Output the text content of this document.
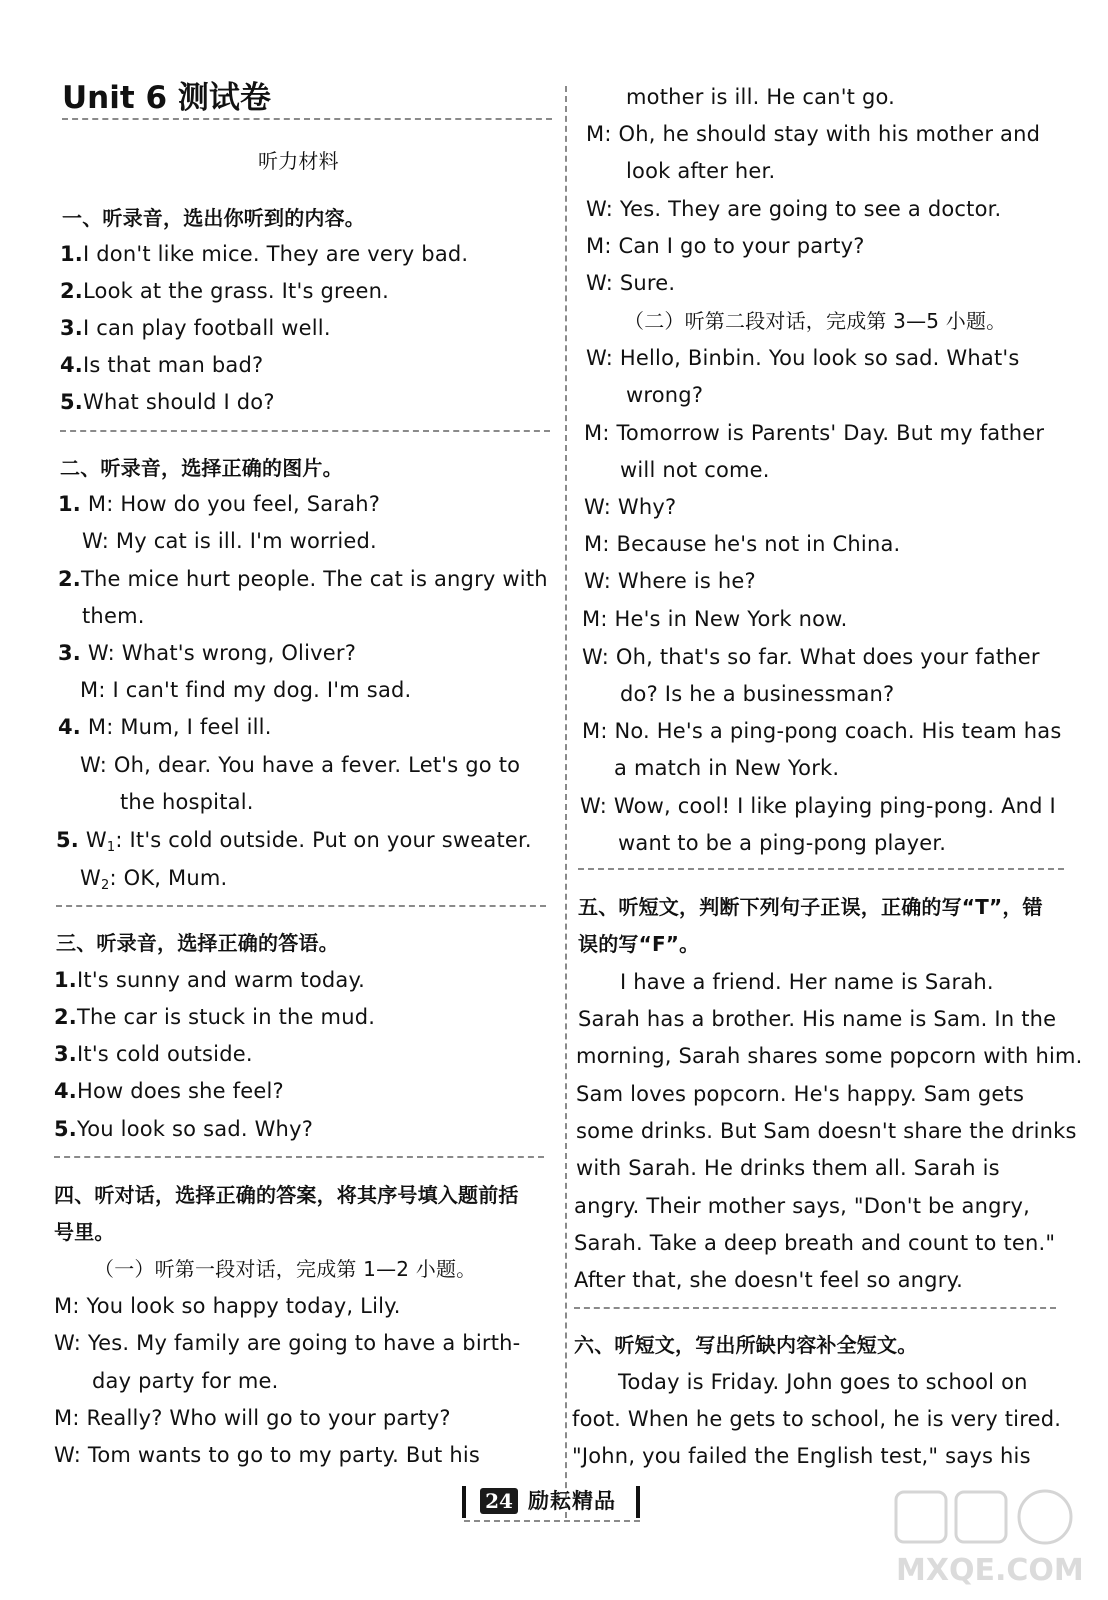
Unit 6 测试卷
听力材料
一、听录音，选出你听到的内容。
1.I don't like mice. They are very bad.
2.Look at the grass. It's green.
3.I can play football well.
4.Is that man bad?
5.What should I do?
二、听录音，选择正确的图片。
1. M: How do you feel, Sarah?
W: My cat is ill. I'm worried.
2.The mice hurt people. The cat is angry with
them.
3. W: What's wrong, Oliver?
M: I can't find my dog. I'm sad.
4. M: Mum, I feel ill.
W: Oh, dear. You have a fever. Let's go to
the hospital.
5. $W_1$: It's cold outside. Put on your sweater.
$W_2$: OK, Mum.
三、听录音，选择正确的答语。
1.It's sunny and warm today.
2.The car is stuck in the mud.
3.It's cold outside.
4.How does she feel?
5.You look so sad. Why?
四、听对话，选择正确的答案，将其序号填入题前括
号里。
（一）听第一段对话，完成第 1—2 小题。
M: You look so happy today, Lily.
W: Yes. My family are going to have a birth-
day party for me.
M: Really? Who will go to your party?
W: Tom wants to go to my party. But his
mother is ill. He can't go.
M: Oh, he should stay with his mother and
look after her.
W: Yes. They are going to see a doctor.
M: Can I go to your party?
W: Sure.
（二）听第二段对话，完成第 3—5 小题。
W: Hello, Binbin. You look so sad. What's
wrong?
M: Tomorrow is Parents' Day. But my father
will not come.
W: Why?
M: Because he's not in China.
W: Where is he?
M: He's in New York now.
W: Oh, that's so far. What does your father
do? Is he a businessman?
M: No. He's a ping-pong coach. His team has
a match in New York.
W: Wow, cool! I like playing ping-pong. And I
want to be a ping-pong player.
五、听短文，判断下列句子正误，正确的写“T”，错
误的写“F”。
I have a friend. Her name is Sarah.
Sarah has a brother. His name is Sam. In the
morning, Sarah shares some popcorn with him.
Sam loves popcorn. He's happy. Sam gets
some drinks. But Sam doesn't share the drinks
with Sarah. He drinks them all. Sarah is
angry. Their mother says, "Don't be angry,
Sarah. Take a deep breath and count to ten."
After that, she doesn't feel so angry.
六、听短文，写出所缺内容补全短文。
Today is Friday. John goes to school on
foot. When he gets to school, he is very tired.
"John, you failed the English test," says his
24 励耘精品
MXQE.COM
